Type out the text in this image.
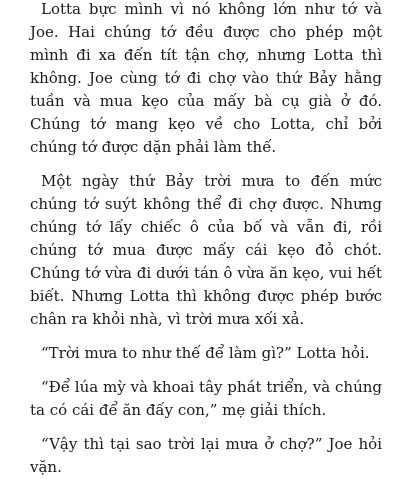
Lotta bực mình vì nó không lớn như tớ và Joe. Hai chúng tớ đều được cho phép một mình đi xa đến tít tận chợ, nhưng Lotta thì không. Joe cùng tớ đi chợ vào thứ Bảy hằng tuần và mua kẹo của mấy bà cụ già ở đó. Chúng tớ mang kẹo về cho Lotta, chỉ bởi chúng tớ được dặn phải làm thế.

Một ngày thứ Bảy trời mưa to đến mức chúng tớ suýt không thể đi chợ được. Nhưng chúng tớ lấy chiếc ô của bố và vẫn đi, rồi chúng tớ mua được mấy cái kẹo đỏ chót. Chúng tớ vừa đi dưới tán ô vừa ăn kẹo, vui hết biết. Nhưng Lotta thì không được phép bước chân ra khỏi nhà, vì trời mưa xối xả.

“Trời mưa to như thế để làm gì?” Lotta hỏi.

“Để lúa mỳ và khoai tây phát triển, và chúng ta có cái để ăn đấy con,” mẹ giải thích.

“Vậy thì tại sao trời lại mưa ở chợ?” Joe hỏi vặn.
